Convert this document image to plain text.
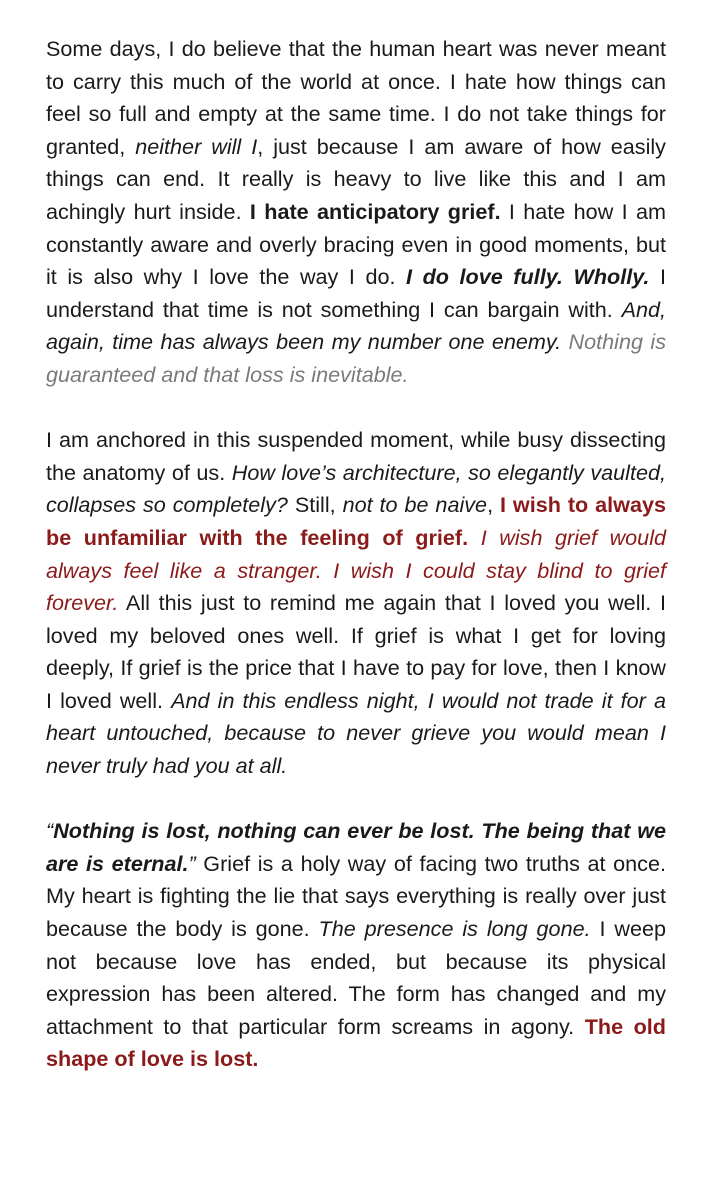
Some days, I do believe that the human heart was never meant to carry this much of the world at once. I hate how things can feel so full and empty at the same time. I do not take things for granted, neither will I, just because I am aware of how easily things can end. It really is heavy to live like this and I am achingly hurt inside. I hate anticipatory grief. I hate how I am constantly aware and overly bracing even in good moments, but it is also why I love the way I do. I do love fully. Wholly. I understand that time is not something I can bargain with. And, again, time has always been my number one enemy. Nothing is guaranteed and that loss is inevitable.

I am anchored in this suspended moment, while busy dissecting the anatomy of us. How love’s architecture, so elegantly vaulted, collapses so completely? Still, not to be naive, I wish to always be unfamiliar with the feeling of grief. I wish grief would always feel like a stranger. I wish I could stay blind to grief forever. All this just to remind me again that I loved you well. I loved my beloved ones well. If grief is what I get for loving deeply, If grief is the price that I have to pay for love, then I know I loved well. And in this endless night, I would not trade it for a heart untouched, because to never grieve you would mean I never truly had you at all.

“Nothing is lost, nothing can ever be lost. The being that we are is eternal.” Grief is a holy way of facing two truths at once. My heart is fighting the lie that says everything is really over just because the body is gone. The presence is long gone. I weep not because love has ended, but because its physical expression has been altered. The form has changed and my attachment to that particular form screams in agony. The old shape of love is lost.
